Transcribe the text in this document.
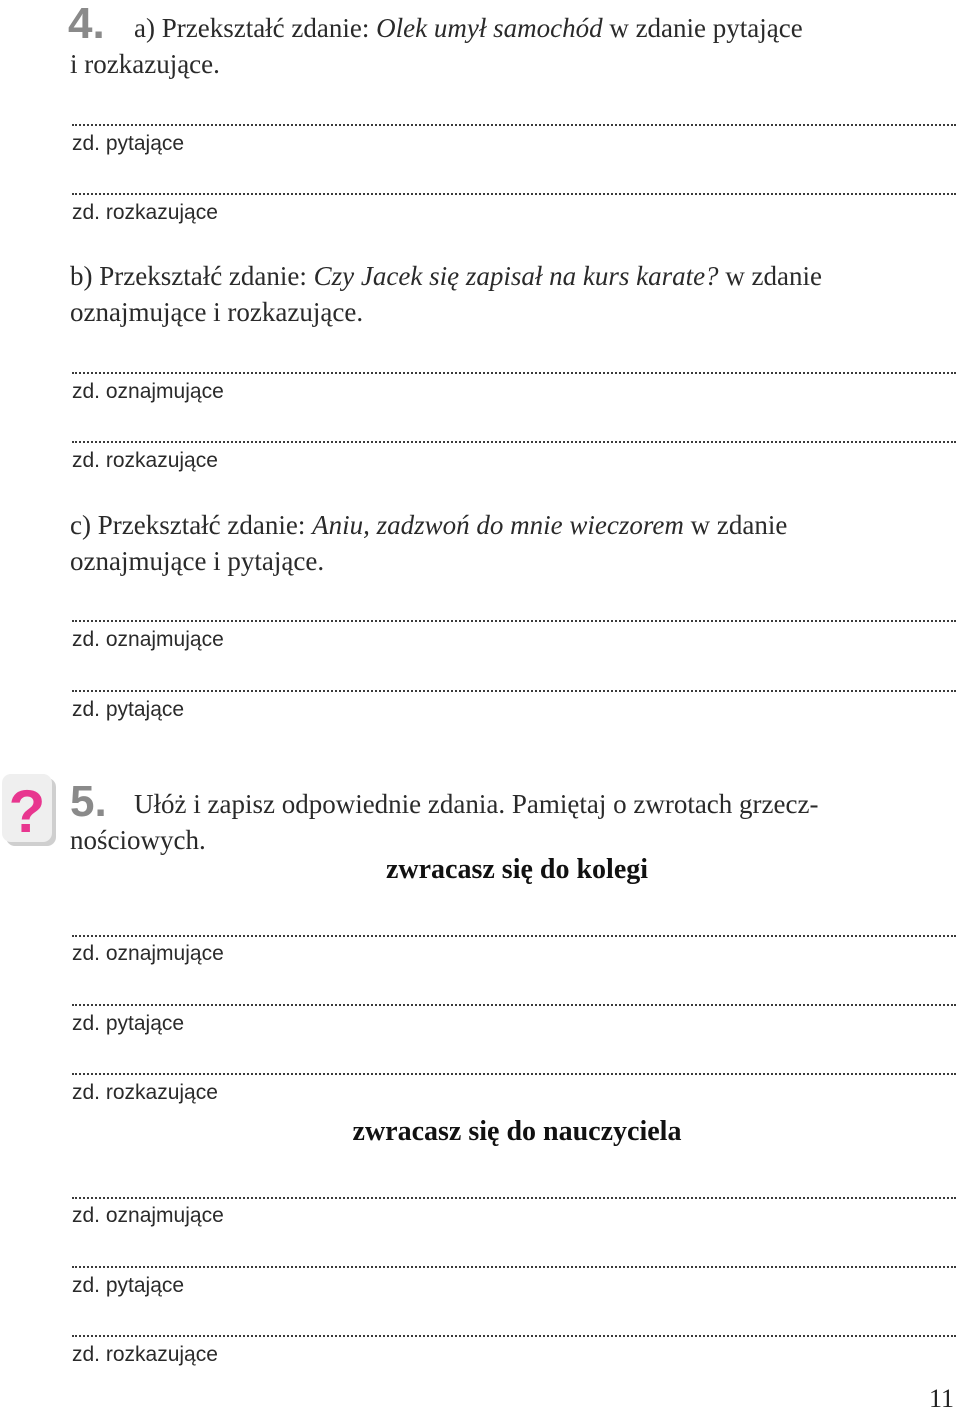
4. a) Przekształć zdanie: Olek umył samochód w zdanie pytające
i rozkazujące.
zd. pytające
zd. rozkazujące
b) Przekształć zdanie: Czy Jacek się zapisał na kurs karate? w zdanie
oznajmujące i rozkazujące.
zd. oznajmujące
zd. rozkazujące
c) Przekształć zdanie: Aniu, zadzwoń do mnie wieczorem w zdanie
oznajmujące i pytające.
zd. oznajmujące
zd. pytające
? 5. Ułóż i zapisz odpowiednie zdania. Pamiętaj o zwrotach grzecz-
nościowych.
zwracasz się do kolegi
zd. oznajmujące
zd. pytające
zd. rozkazujące
zwracasz się do nauczyciela
zd. oznajmujące
zd. pytające
zd. rozkazujące
11
